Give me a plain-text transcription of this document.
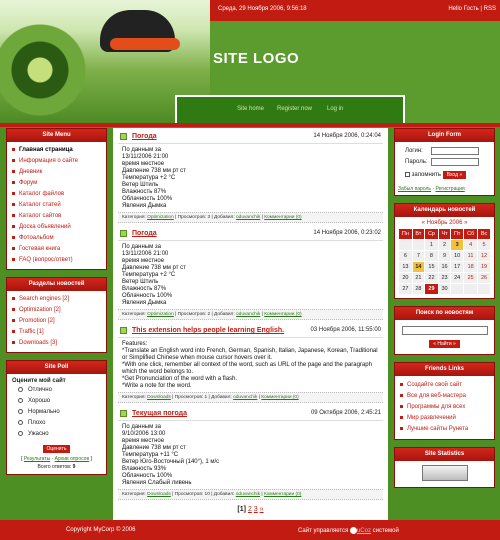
Среда, 29 Ноября 2006, 9:56:18	Hello Гость | RSS
SITE LOGO
Site home Register now Log in
Site Menu
Главная страница
Информация о сайте
Дневник
Форум
Каталог файлов
Каталог статей
Каталог сайтов
Доска объявлений
Фотоальбом
Гостевая книга
FAQ (вопрос/ответ)
Разделы новостей
Search engines [2]
Optimization [2]
Promotion [2]
Traffic [1]
Downloads [3]
Site Poll
Оцените мой сайт
Отлично
Хорошо
Нормально
Плохо
Ужасно
Оценить
[ Результаты · Архив опросов ]
Всего ответов: 9
Погода	14 Ноября 2006, 0:24:04
По данным за
13/11/2006 21:00
время местное
Давление 738 мм рт ст
Температура +2 °C
Ветер Штиль
Влажность 87%
Облачность 100%
Явления Дымка
Категория: Optimization | Просмотров: 3 | Добавил: oduvanchik | Комментарии (0)
Погода	14 Ноября 2006, 0:23:02
По данным за
13/11/2006 21:00
время местное
Давление 738 мм рт ст
Температура +2 °C
Ветер Штиль
Влажность 87%
Облачность 100%
Явления Дымка
Категория: Optimization | Просмотров: 2 | Добавил: oduvanchik | Комментарии (0)
This extension helps people learning English.	03 Ноября 2006, 11:55:00
Features:
*Translate an English word into French, German, Spanish, Italian, Japanese, Korean, Traditional or Simplified Chinese when mouse cursor hovers over it.
*With one click, remember all context of the word, such as URL of the page and the paragraph which the word belongs to.
*Get Pronunciation of the word with a flash.
*Write a note for the word.
Категория: Downloads | Просмотров: 1 | Добавил: oduvanchik | Комментарии (0)
Текущая погода	09 Октября 2006, 2:45:21
По данным за
9/10/2006 13:00
время местное
Давление 738 мм рт ст
Температура +11 °C
Ветер Юго-Восточный (140°), 1 м/с
Влажность 93%
Облачность 100%
Явления Слабый ливень
Категория: Downloads | Просмотров: 10 | Добавил: oduvanchik | Комментарии (0)
[1] 2 3 »
Login Form
Логин:
Пароль:
запомнить Вход »
Забыл пароль · Регистрация
Календарь новостей
« Ноябрь 2006 »
Пн	Вт	Ср	Чт	Пт	Сб	Вс
		1	2	3	4	5
6	7	8	9	10	11	12
13	14	15	16	17	18	19
20	21	22	23	24	25	26
27	28	29	30			
Поиск по новостям
« Найти »
Friends Links
Создайте свой сайт
Все для веб-мастера
Программы для всех
Мир развлечений
Лучшие сайты Рунета
Site Statistics
Copyright MyCorp © 2006	Сайт управляется uCoz системой
